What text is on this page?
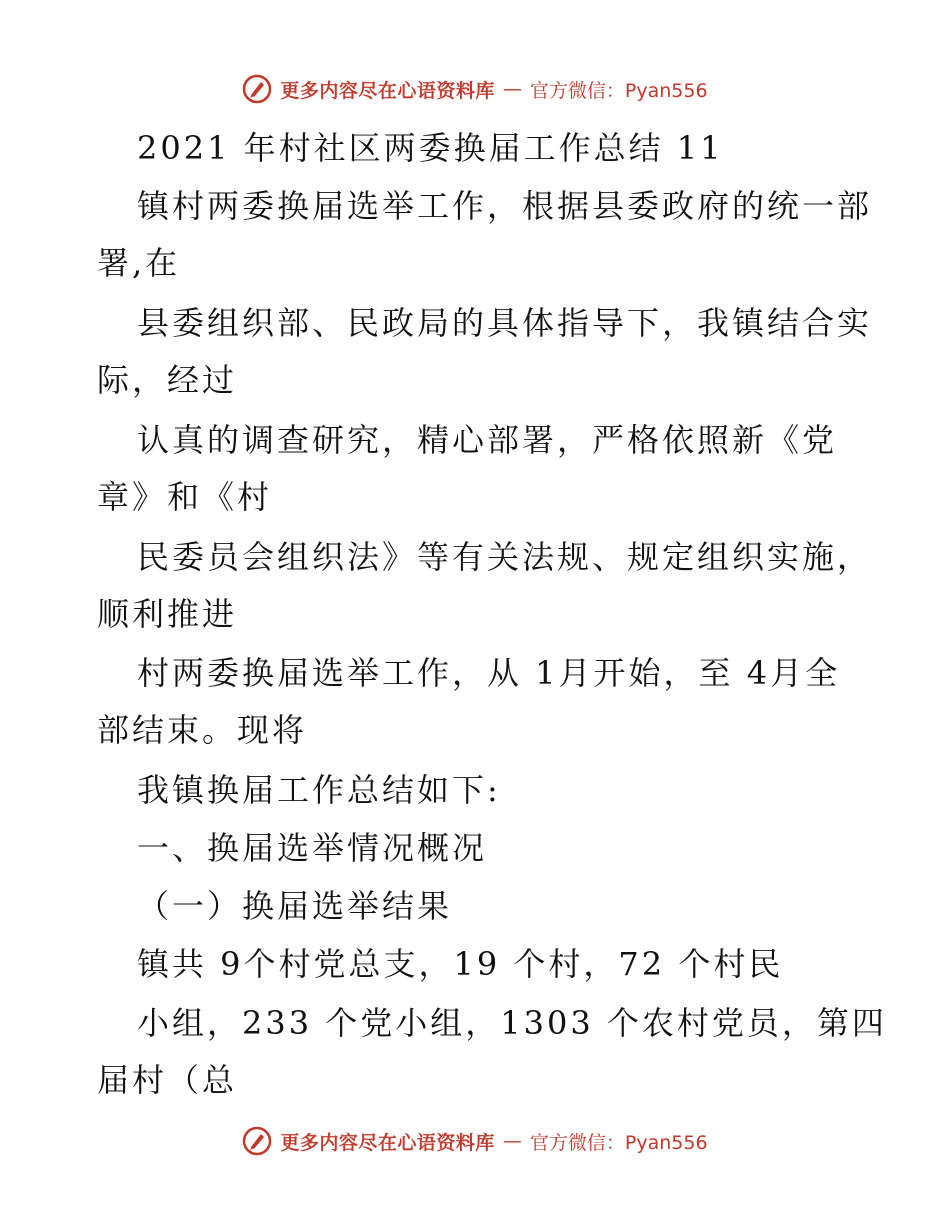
更多内容尽在心语资料库 — 官方微信：Pyan556
2021 年村社区两委换届工作总结 11
镇村两委换届选举工作，根据县委政府的统一部
署,在
县委组织部、民政局的具体指导下，我镇结合实
际，经过
认真的调查研究，精心部署，严格依照新《党
章》和《村
民委员会组织法》等有关法规、规定组织实施，
顺利推进
村两委换届选举工作，从 1月开始，至 4月全
部结束。现将
我镇换届工作总结如下:
一、换届选举情况概况
（一）换届选举结果
镇共 9个村党总支，19 个村，72 个村民
小组，233 个党小组，1303 个农村党员，第四
届村（总
更多内容尽在心语资料库 — 官方微信：Pyan556
